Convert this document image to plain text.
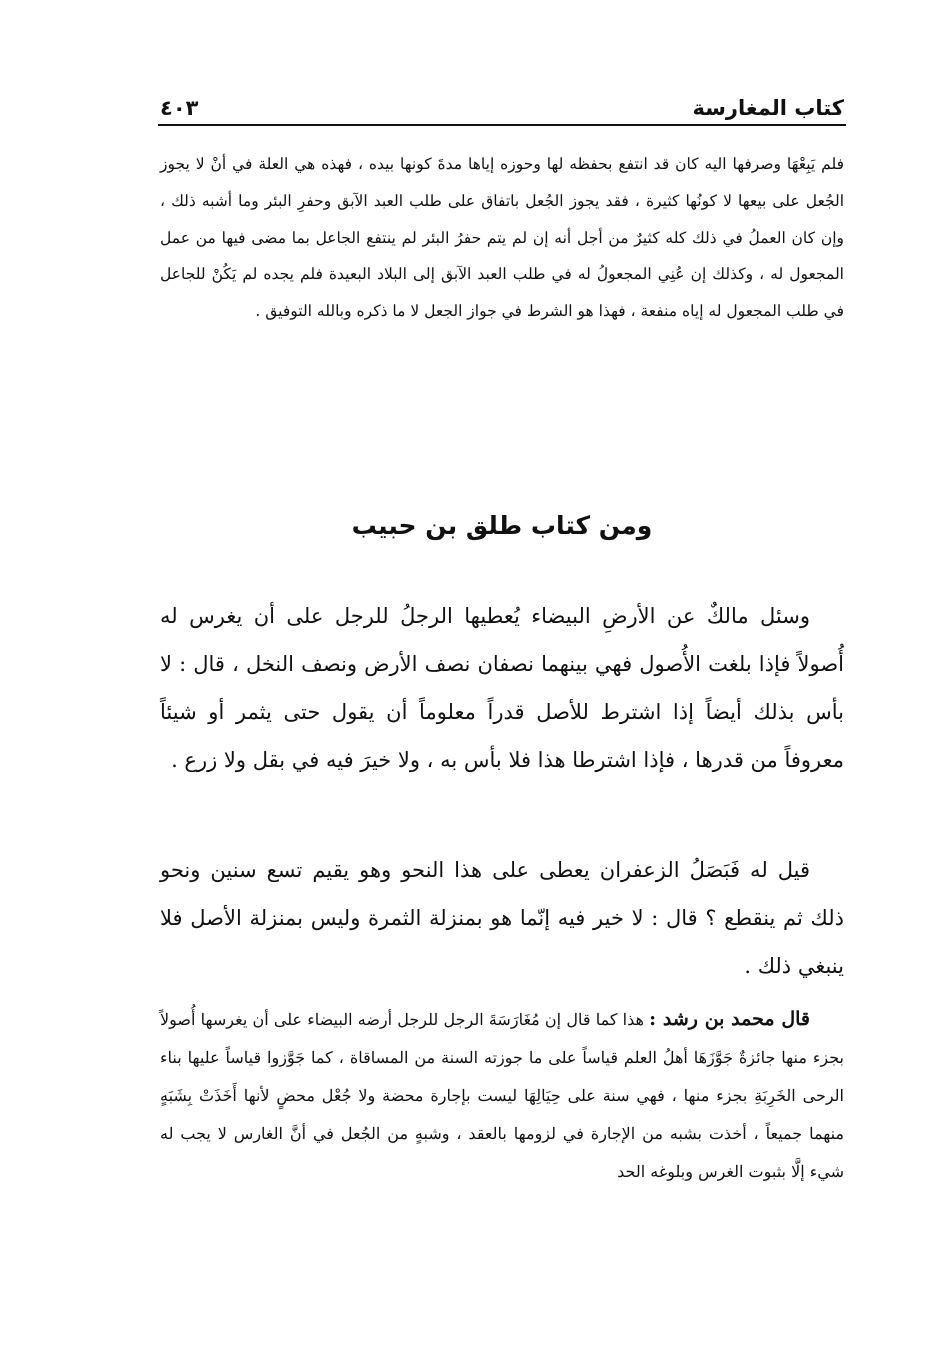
كتاب المغارسة
٤٠٣

فلم يَبِعْهَا وصرفها اليه كان قد انتفع بحفظه لها وحوزه إياها مدةَ كونها بيده ، فهذه هي العلة في أنْ لا يجوز الجُعل على بيعها لا كونُها كثيرة ، فقد يجوز الجُعل باتفاق على طلب العبد الآبق وحفرِ البئر وما أشبه ذلك ، وإن كان العملُ في ذلك كله كثيرٌ من أجل أنه إن لم يتم حفرُ البئر لم ينتفع الجاعل بما مضى فيها من عمل المجعول له ، وكذلك إن عُنِي المجعولُ له في طلب العبد الآبق إلى البلاد البعيدة فلم يجده لم يَكُنْ للجاعل في طلب المجعول له إياه منفعة ، فهذا هو الشرط في جواز الجعل لا ما ذكره وبالله التوفيق .

ومن كتاب طلق بن حبيب

وسئل مالكٌ عن الأرضِ البيضاء يُعطيها الرجلُ للرجل على أن يغرس له أُصولاً فإذا بلغت الأُصول فهي بينهما نصفان نصف الأرض ونصف النخل ، قال : لا بأس بذلك أيضاً إذا اشترط للأصل قدراً معلوماً أن يقول حتى يثمر أو شيئاً معروفاً من قدرها ، فإذا اشترطا هذا فلا بأس به ، ولا خيرَ فيه في بقل ولا زرع .

قيل له فَبَصَلُ الزعفران يعطى على هذا النحو وهو يقيم تسع سنين ونحو ذلك ثم ينقطع ؟ قال : لا خير فيه إنّما هو بمنزلة الثمرة وليس بمنزلة الأصل فلا ينبغي ذلك .

قال محمد بن رشد : هذا كما قال إن مُغَارَسَةَ الرجل للرجل أرضه البيضاء على أن يغرسها أُصولاً بجزء منها جائزةٌ جَوَّزَهَا أهلُ العلم قياساً على ما جوزته السنة من المساقاة ، كما جَوَّزوا قياساً عليها بناء الرحى الخَرِبَةِ بجزء منها ، فهي سنة على حِيَالِهَا ليست بإجارة محضة ولا جُعْل محضٍ لأنها أَخَذَتْ بِشَبَهٍ منهما جميعاً ، أخذت بشبه من الإجارة في لزومها بالعقد ، وشبهٍ من الجُعل في أنَّ الغارس لا يجب له شيء إلَّا بثبوت الغرس وبلوغه الحد
